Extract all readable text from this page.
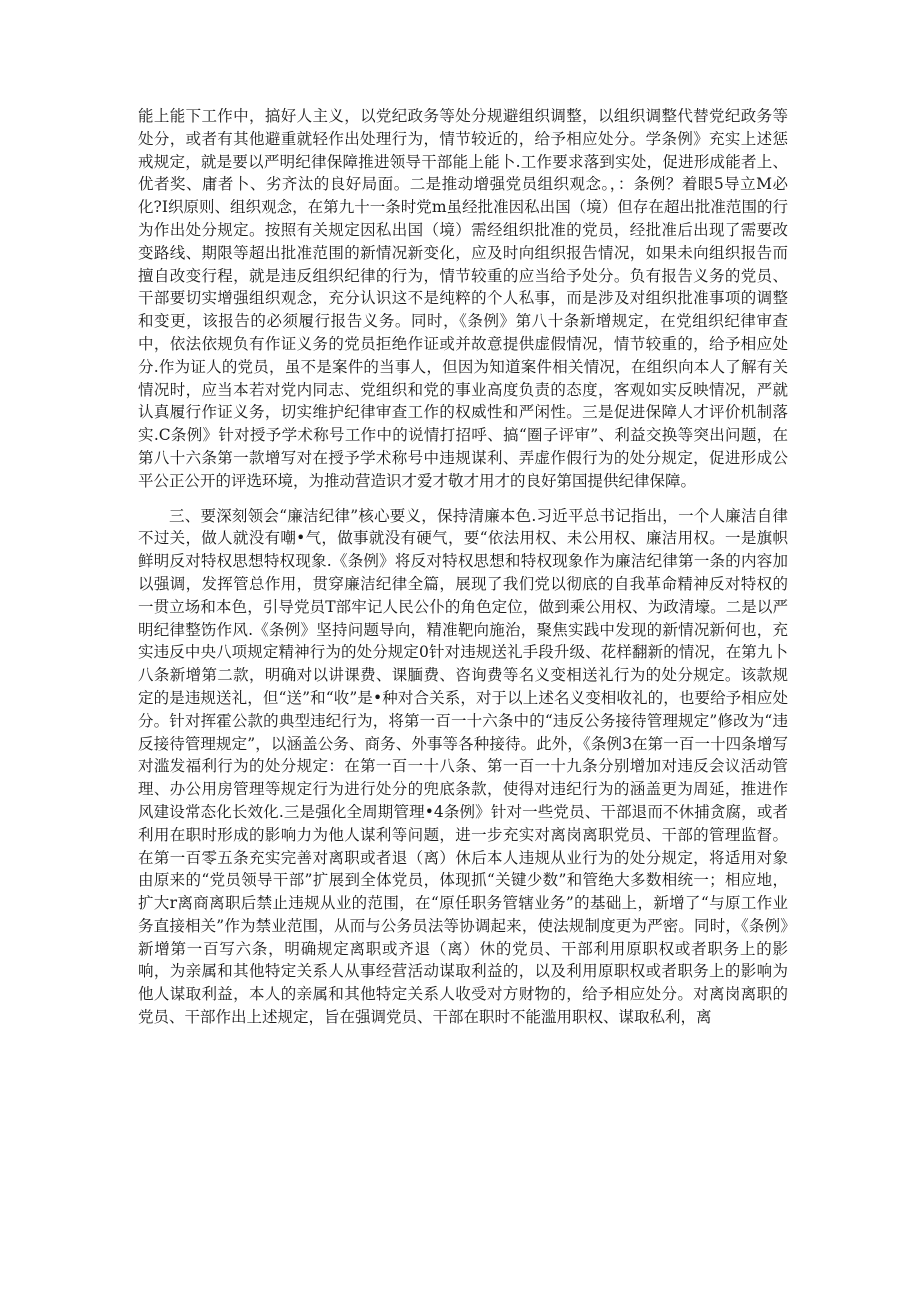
能上能下工作中，搞好人主义，以党纪政务等处分规避组织调整，以组织调整代替党纪政务等处分，或者有其他避重就轻作出处理行为，情节较近的，给予相应处分。学条例》充实上述惩戒规定，就是要以严明纪律保障推进领导干部能上能卜.工作要求落到实处，促进形成能者上、优者奖、庸者卜、劣齐汰的良好局面。二是推动增强党员组织观念。，：条例？着眼5导立M必化?I织原则、组织观念，在第九十一条时党m虽经批准因私出国（境）但存在超出批准范围的行为作出处分规定。按照有关规定因私出国（境）需经组织批准的党员，经批准后出现了需要改变路线、期限等超出批准范围的新情况新变化，应及时向组织报告情况，如果未向组织报告而擅自改变行程，就是违反组织纪律的行为，情节较重的应当给予处分。负有报告义务的党员、干部要切实增强组织观念，充分认识这不是纯粹的个人私事，而是涉及对组织批准事项的调整和变更，该报告的必须履行报告义务。同时，《条例》第八十条新增规定，在党组织纪律审查中，依法依规负有作证义务的党员拒绝作证或并故意提供虚假情况，情节较重的，给予相应处分.作为证人的党员，虽不是案件的当事人，但因为知道案件相关情况，在组织向本人了解有关情况时，应当本若对党内同志、党组织和党的事业高度负责的态度，客观如实反映情况，严就认真履行作证义务，切实维护纪律审查工作的权威性和严闲性。三是促进保障人才评价机制落实.C条例》针对授予学术称号工作中的说情打招呼、搞“圈子评审”、利益交换等突出问题，在第八十六条第一款增写对在授予学术称号中违规谋利、弄虚作假行为的处分规定，促进形成公平公正公开的评选环境，为推动营造识才爱才敬才用才的良好第国提供纪律保障。

三、要深刻领会“廉洁纪律”核心要义，保持清廉本色.习近平总书记指出，一个人廉洁自律不过关，做人就没有嘲•气，做事就没有硬气，要“依法用权、未公用权、廉洁用权。一是旗帜鲜明反对特权思想特权现象.《条例》将反对特权思想和特权现象作为廉洁纪律第一条的内容加以强调，发挥管总作用，贯穿廉洁纪律全篇，展现了我们党以彻底的自我革命精神反对特权的一贯立场和本色，引导党员T部牢记人民公仆的角色定位，做到乘公用权、为政清壕。二是以严明纪律整饬作风.《条例》坚持问题导向，精准靶向施治，聚焦实践中发现的新情况新何也，充实违反中央八项规定精神行为的处分规定0针对违规送礼手段升级、花样翻新的情况，在第九卜八条新增第二款，明确对以讲课费、课腼费、咨询费等名义变相送礼行为的处分规定。该款规定的是违规送礼，但“送”和“收”是•种对合关系，对于以上述名义变相收礼的，也要给予相应处分。针对挥霍公款的典型违纪行为，将第一百一十六条中的“违反公务接待管理规定”修改为“违反接待管理规定”，以涵盖公务、商务、外事等各种接待。此外，《条例3在第一百一十四条增写对滥发福利行为的处分规定：在第一百一十八条、第一百一十九条分别增加对违反会议活动管理、办公用房管理等规定行为进行处分的兜底条款，使得对违纪行为的涵盖更为周延，推进作风建设常态化长效化.三是强化全周期管理•4条例》针对一些党员、干部退而不休捕贪腐，或者利用在职时形成的影响力为他人谋利等问题，进一步充实对离岗离职党员、干部的管理监督。在第一百零五条充实完善对离职或者退（离）休后本人违规从业行为的处分规定，将适用对象由原来的“党员领导干部”扩展到全体党员，体现抓“关键少数”和管绝大多数相统一；相应地，扩大r离商离职后禁止违规从业的范围，在“原任职务管辖业务”的基础上，新增了“与原工作业务直接相关”作为禁业范围，从而与公务员法等协调起来，使法规制度更为严密。同时，《条例》新增第一百写六条，明确规定离职或齐退（离）休的党员、干部利用原职权或者职务上的影响，为亲属和其他特定关系人从事经营活动谋取利益的，以及利用原职权或者职务上的影响为他人谋取利益，本人的亲属和其他特定关系人收受对方财物的，给予相应处分。对离岗离职的党员、干部作出上述规定，旨在强调党员、干部在职时不能滥用职权、谋取私利，离
